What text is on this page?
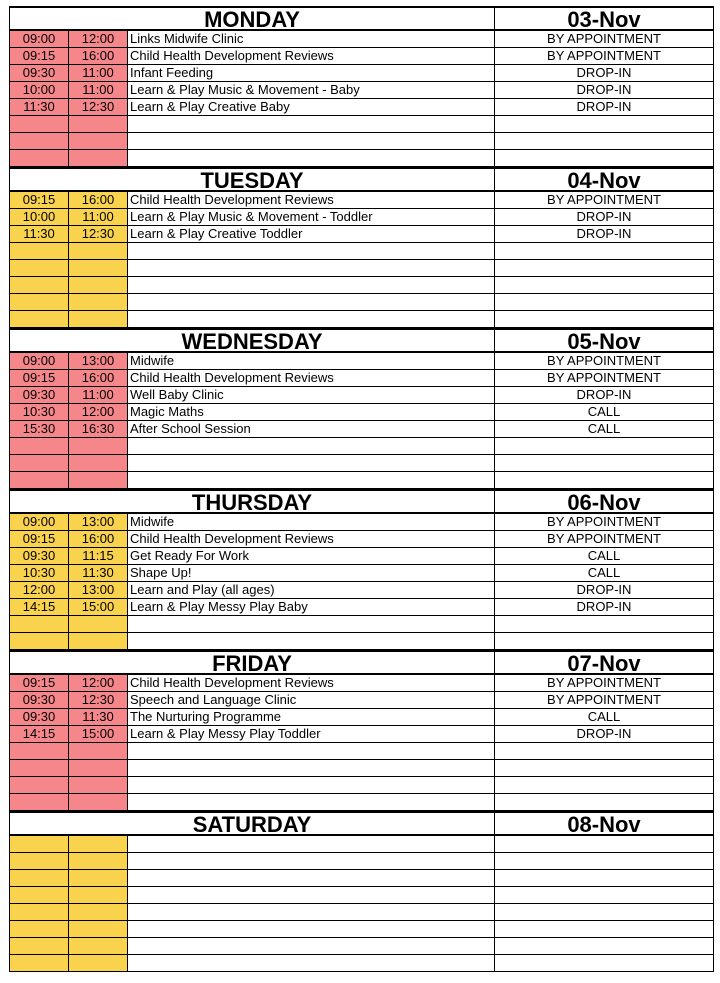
MONDAY	03-Nov
09:00	12:00	Links Midwife Clinic	BY APPOINTMENT
09:15	16:00	Child Health Development Reviews	BY APPOINTMENT
09:30	11:00	Infant Feeding	DROP-IN
10:00	11:00	Learn & Play Music & Movement - Baby	DROP-IN
11:30	12:30	Learn & Play Creative Baby	DROP-IN
TUESDAY	04-Nov
09:15	16:00	Child Health Development Reviews	BY APPOINTMENT
10:00	11:00	Learn & Play Music & Movement - Toddler	DROP-IN
11:30	12:30	Learn & Play Creative Toddler	DROP-IN
WEDNESDAY	05-Nov
09:00	13:00	Midwife	BY APPOINTMENT
09:15	16:00	Child Health Development Reviews	BY APPOINTMENT
09:30	11:00	Well Baby Clinic	DROP-IN
10:30	12:00	Magic Maths	CALL
15:30	16:30	After School Session	CALL
THURSDAY	06-Nov
09:00	13:00	Midwife	BY APPOINTMENT
09:15	16:00	Child Health Development Reviews	BY APPOINTMENT
09:30	11:15	Get Ready For Work	CALL
10:30	11:30	Shape Up!	CALL
12:00	13:00	Learn and Play (all ages)	DROP-IN
14:15	15:00	Learn & Play Messy Play Baby	DROP-IN
FRIDAY	07-Nov
09:15	12:00	Child Health Development Reviews	BY APPOINTMENT
09:30	12:30	Speech and Language Clinic	BY APPOINTMENT
09:30	11:30	The Nurturing Programme	CALL
14:15	15:00	Learn & Play Messy Play Toddler	DROP-IN
SATURDAY	08-Nov
